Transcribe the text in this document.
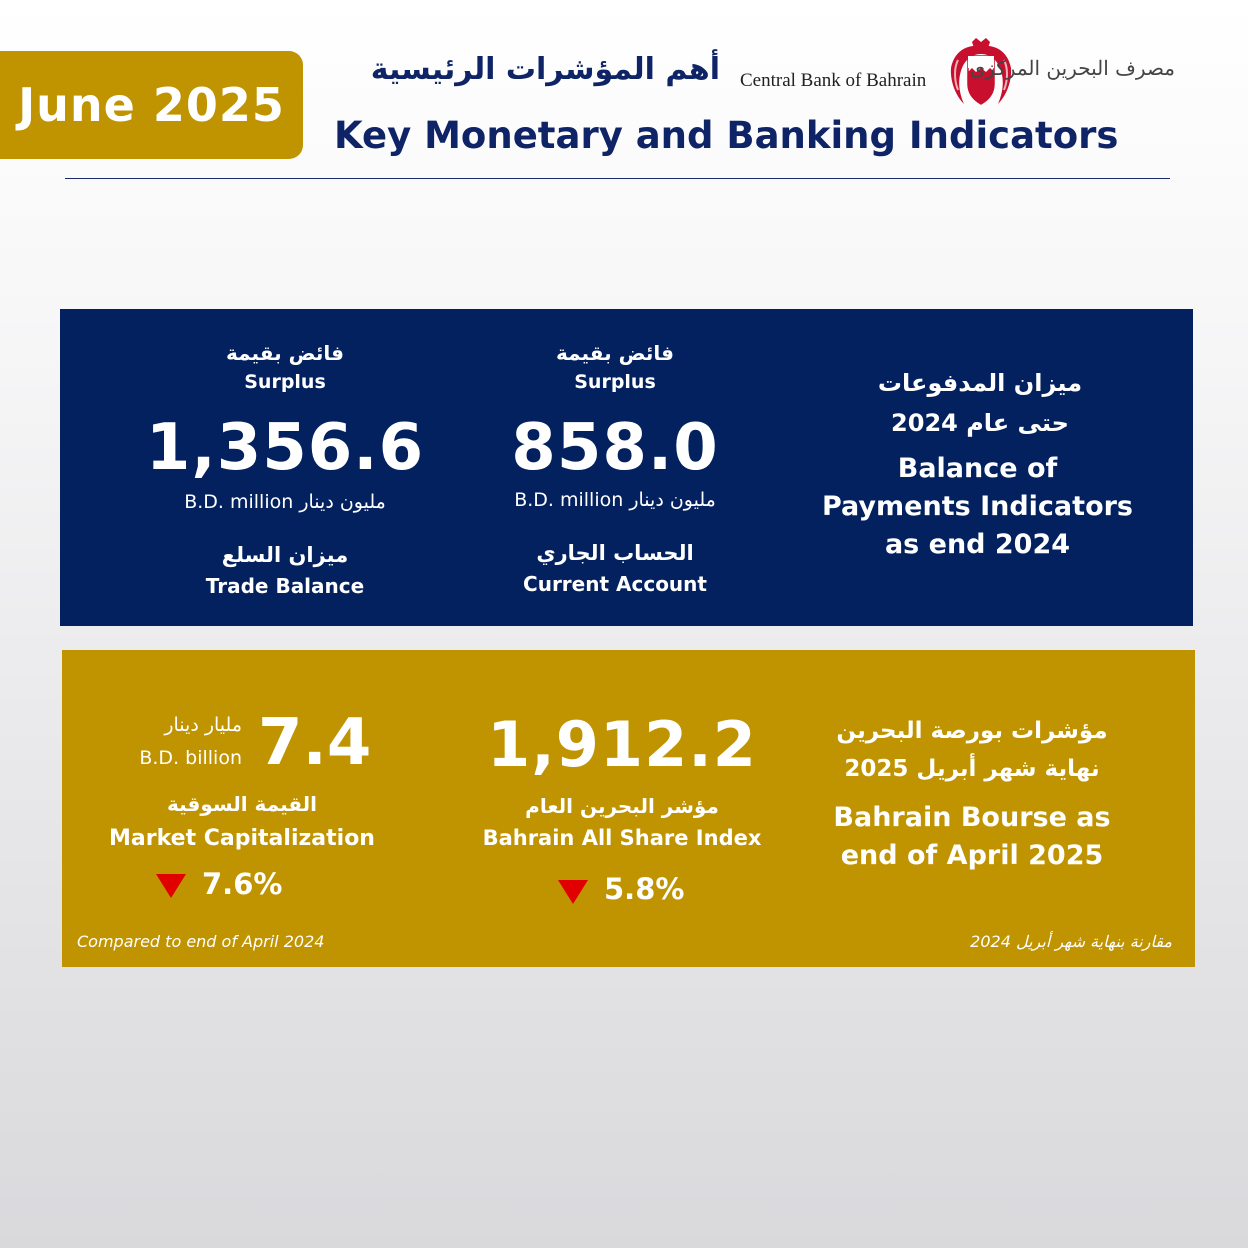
June 2025
أهم المؤشرات الرئيسية
Key Monetary and Banking Indicators
Central Bank of Bahrain
مصرف البحرين المركزي
ميزان المدفوعات
حتى عام 2024
Balance of
Payments Indicators
as end 2024
فائض بقيمة
Surplus
858.0
B.D. million مليون دينار
الحساب الجاري
Current Account
فائض بقيمة
Surplus
1,356.6
B.D. million مليون دينار
ميزان السلع
Trade Balance
مؤشرات بورصة البحرين
نهاية شهر أبريل 2025
Bahrain Bourse as
end of April 2025
1,912.2
مؤشر البحرين العام
Bahrain All Share Index
5.8%
7.4
مليار دينار
B.D. billion
القيمة السوقية
Market Capitalization
7.6%
Compared to end of April 2024	مقارنة بنهاية شهر أبريل 2024
